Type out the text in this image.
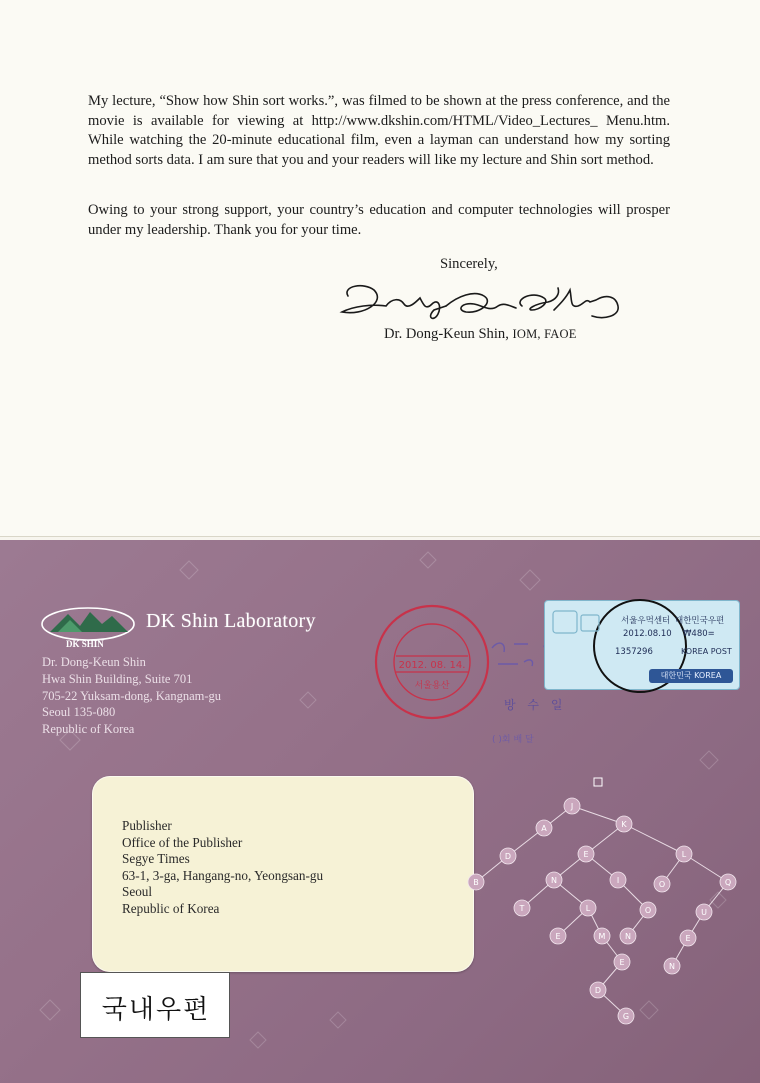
My lecture, “Show how Shin sort works.”, was filmed to be shown at the press conference, and the movie is available for viewing at http://www.dkshin.com/HTML/Video_Lectures_ Menu.htm. While watching the 20-minute educational film, even a layman can understand how my sorting method sorts data. I am sure that you and your readers will like my lecture and Shin sort method.

Owing to your strong support, your country’s education and computer technologies will prosper under my leadership. Thank you for your time.

Sincerely,
Dr. Dong-Keun Shin, IOM, FAOE
DK SHIN
DK Shin Laboratory
Dr. Dong-Keun Shin
Hwa Shin Building, Suite 701
705-22 Yuksam-dong, Kangnam-gu
Seoul 135-080
Republic of Korea
2012. 08. 14.
서울용산
( )회 배 달
방 수 일
서울우먹센터 대한민국우편
2012.08.10 ₩480=
1357296	KOREA POST
대한민국 KOREA
Publisher
Office of the Publisher
Segye Times
63-1, 3-ga, Hangang-no, Yeongsan-gu
Seoul
Republic of Korea
J
A	K
D	E	L
B	N	I	O	Q
T	L	O	U
E	M N	E
E	N
D
G
국내우편
